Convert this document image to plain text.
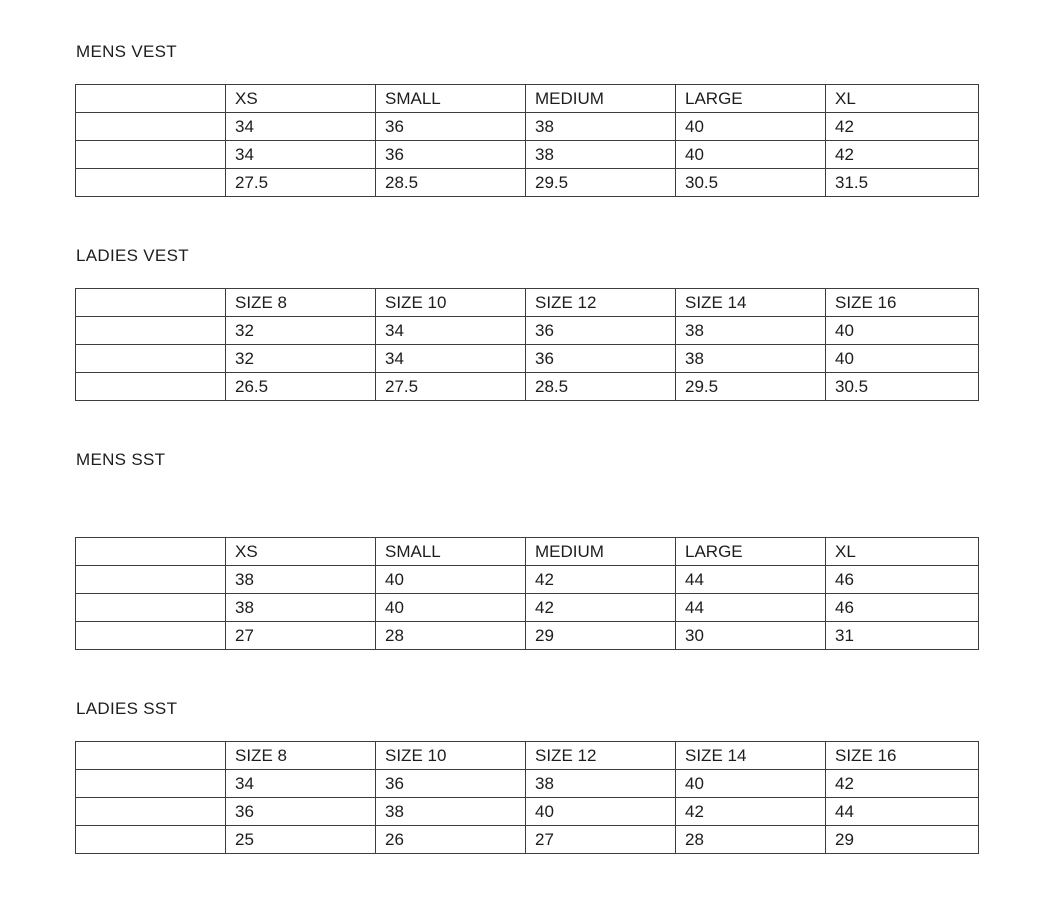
MENS VEST
	XS	SMALL	MEDIUM	LARGE	XL
	34	36	38	40	42
	34	36	38	40	42
	27.5	28.5	29.5	30.5	31.5
LADIES VEST
	SIZE 8	SIZE 10	SIZE 12	SIZE 14	SIZE 16
	32	34	36	38	40
	32	34	36	38	40
	26.5	27.5	28.5	29.5	30.5
MENS SST
	XS	SMALL	MEDIUM	LARGE	XL
	38	40	42	44	46
	38	40	42	44	46
	27	28	29	30	31
LADIES SST
	SIZE 8	SIZE 10	SIZE 12	SIZE 14	SIZE 16
	34	36	38	40	42
	36	38	40	42	44
	25	26	27	28	29
